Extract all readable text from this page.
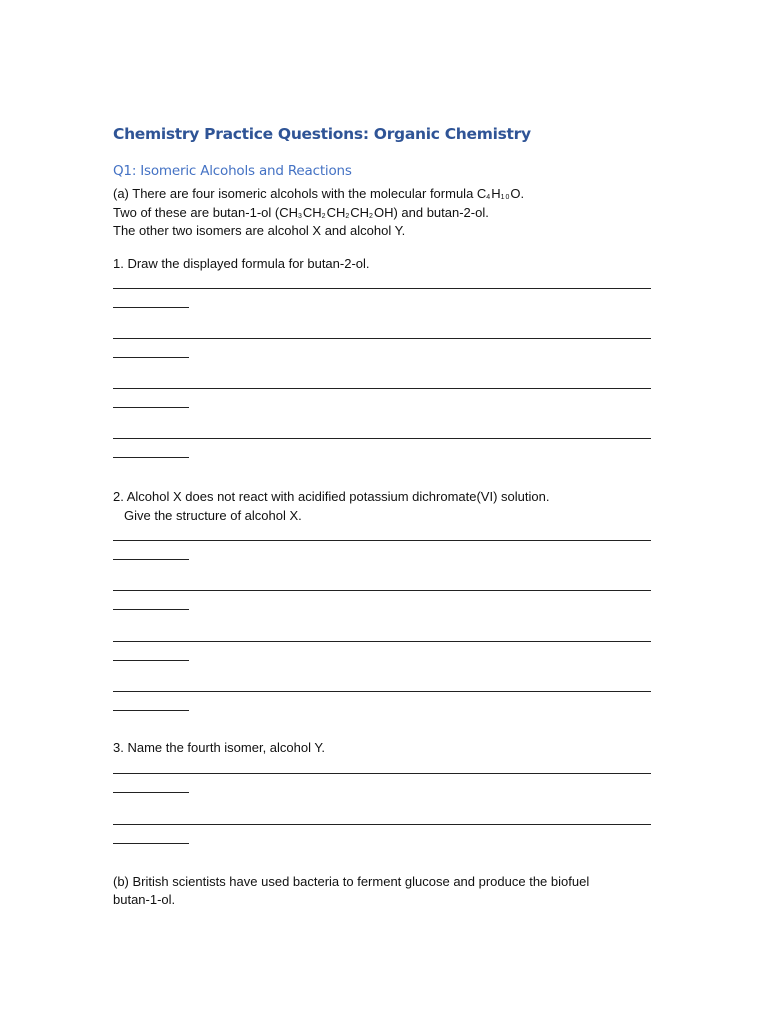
Chemistry Practice Questions: Organic Chemistry
Q1: Isomeric Alcohols and Reactions
(a) There are four isomeric alcohols with the molecular formula C4H10O.
Two of these are butan-1-ol (CH3CH2CH2CH2OH) and butan-2-ol.
The other two isomers are alcohol X and alcohol Y.
1. Draw the displayed formula for butan-2-ol.
2. Alcohol X does not react with acidified potassium dichromate(VI) solution.
Give the structure of alcohol X.
3. Name the fourth isomer, alcohol Y.
(b) British scientists have used bacteria to ferment glucose and produce the biofuel
butan-1-ol.
